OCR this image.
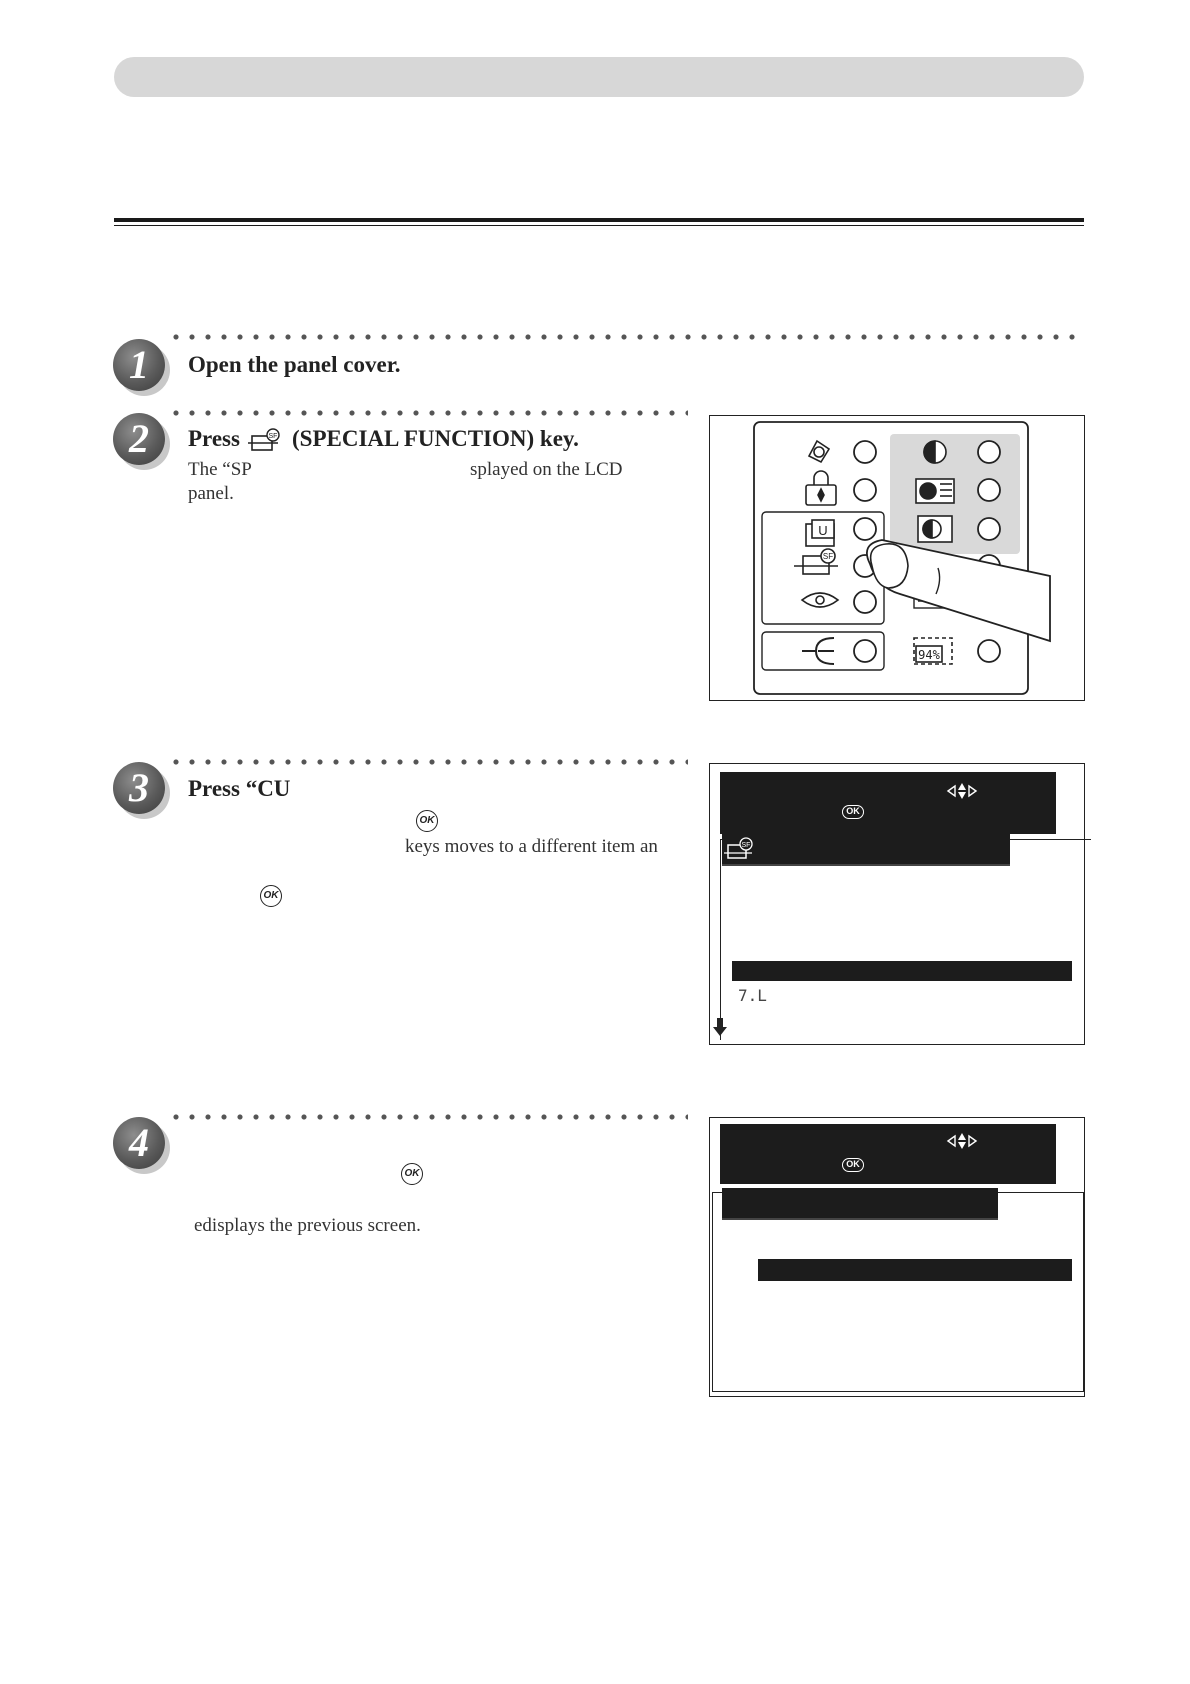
1	Open the panel cover.
2	Press	SF (SPECIAL FUNCTION) key.
The “SP	splayed on the LCD
panel.
U
SF
94%
3	Press “CU
OK
keys moves to a different item an
OK
OK
SF
7.L
4
OK
edisplays the previous screen.
OK
